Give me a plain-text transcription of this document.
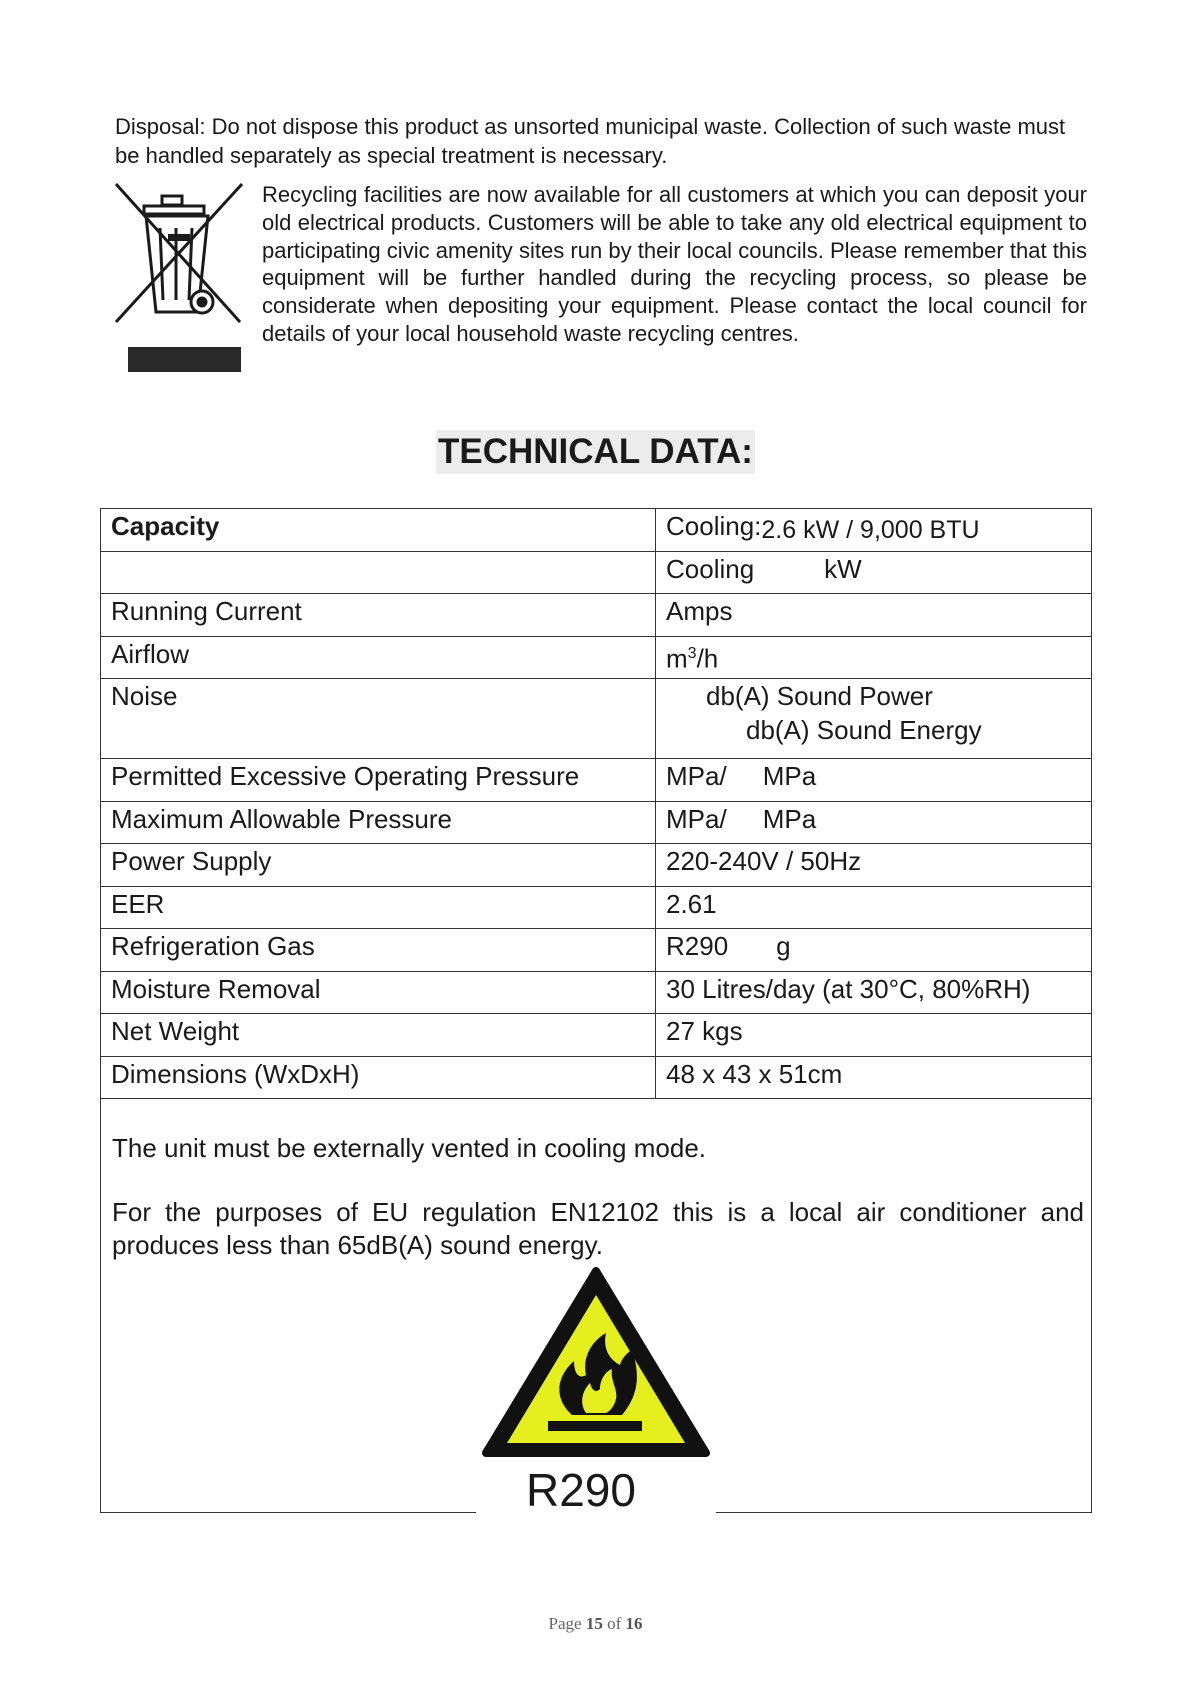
Disposal: Do not dispose this product as unsorted municipal waste. Collection of such waste must be handled separately as special treatment is necessary.

Recycling facilities are now available for all customers at which you can deposit your old electrical products. Customers will be able to take any old electrical equipment to participating civic amenity sites run by their local councils. Please remember that this equipment will be further handled during the recycling process, so please be considerate when depositing your equipment. Please contact the local council for details of your local household waste recycling centres.

TECHNICAL DATA:
Capacity	Cooling:2.6 kW / 9,000 BTU
	Cooling kW
Running Current	Amps
Airflow	$m^3/h$
Noise	db(A) Sound Power
db(A) Sound Energy

Permitted Excessive Operating Pressure	MPa/ MPa
Maximum Allowable Pressure	MPa/ MPa
Power Supply	220-240V / 50Hz
EER	2.61
Refrigeration Gas	R290 g
Moisture Removal	30 Litres/day (at 30°C, 80%RH)
Net Weight	27 kgs
Dimensions (WxDxH)	48 x 43 x 51cm

The unit must be externally vented in cooling mode.

For the purposes of EU regulation EN12102 this is a local air conditioner and produces less than 65dB(A) sound energy.

R290

Page 15 of 16
